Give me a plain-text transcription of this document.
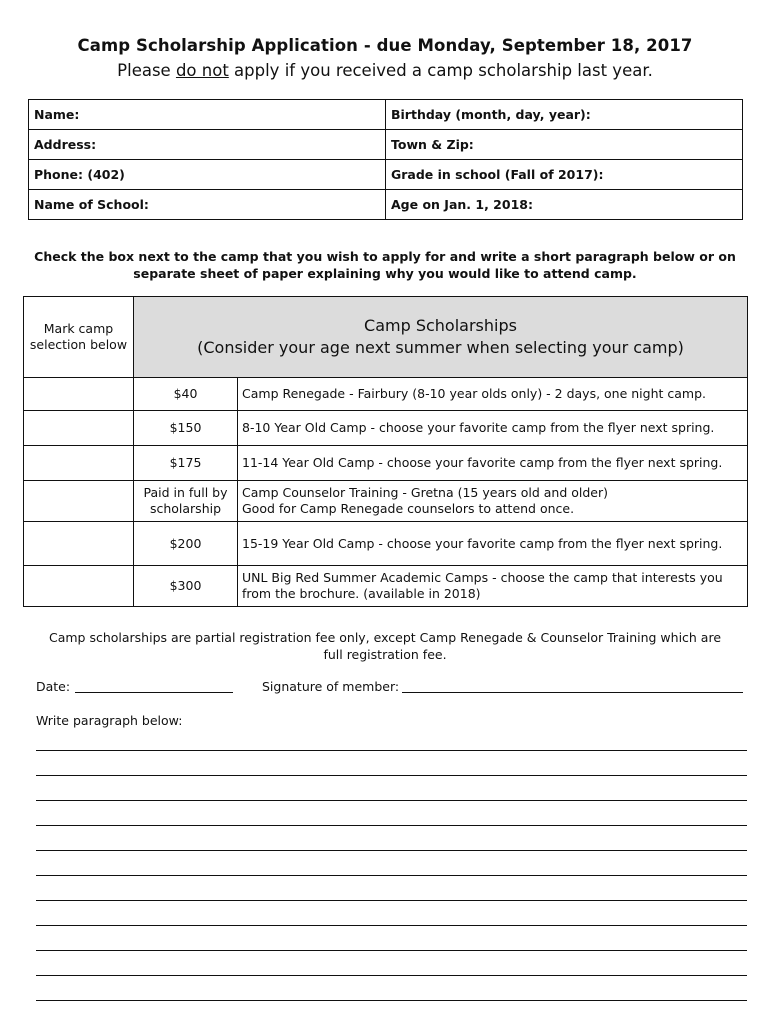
Camp Scholarship Application - due Monday, September 18, 2017
Please do not apply if you received a camp scholarship last year.
Name:	Birthday (month, day, year):
Address:	Town & Zip:
Phone: (402)	Grade in school (Fall of 2017):
Name of School:	Age on Jan. 1, 2018:
Check the box next to the camp that you wish to apply for and write a short paragraph below or on separate sheet of paper explaining why you would like to attend camp.
Mark camp selection below	Camp Scholarships
(Consider your age next summer when selecting your camp)	

	$40	Camp Renegade - Fairbury (8-10 year olds only) - 2 days, one night camp.

	$150	8-10 Year Old Camp - choose your favorite camp from the flyer next spring.

	$175	11-14 Year Old Camp - choose your favorite camp from the flyer next spring.

	Paid in full by scholarship	Camp Counselor Training - Gretna (15 years old and older)
Good for Camp Renegade counselors to attend once.

	$200	15-19 Year Old Camp - choose your favorite camp from the flyer next spring.

	$300	UNL Big Red Summer Academic Camps - choose the camp that interests you
from the brochure. (available in 2018)
Camp scholarships are partial registration fee only, except Camp Renegade & Counselor Training which are full registration fee.
Date:	Signature of member:
Write paragraph below:
